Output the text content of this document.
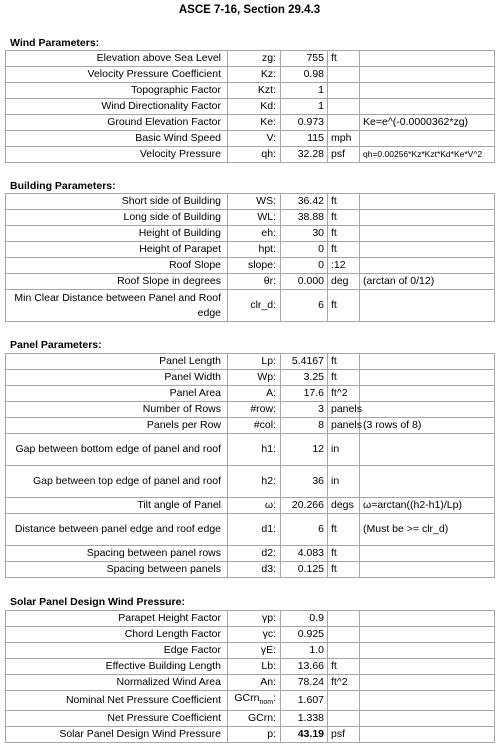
ASCE 7-16, Section 29.4.3
Wind Parameters:
Elevation above Sea Level	zg:	755	ft	
Velocity Pressure Coefficient	Kz:	0.98		
Topographic Factor	Kzt:	1		
Wind Directionality Factor	Kd:	1		
Ground Elevation Factor	Ke:	0.973		Ke=e^(-0.0000362*zg)
Basic Wind Speed	V:	115	mph	
Velocity Pressure	qh:	32.28	psf	qh=0.00256*Kz*Kzt*Kd*Ke*V^2
Building Parameters:
Short side of Building	WS:	36.42	ft	
Long side of Building	WL:	38.88	ft	
Height of Building	eh:	30	ft	
Height of Parapet	hpt:	0	ft	
Roof Slope	slope:	0	:12	
Roof Slope in degrees	θr:	0.000	deg	(arctan of 0/12)
Min Clear Distance between Panel and Roof edge	clr_d:	6	ft	
Panel Parameters:
Panel Length	Lp:	5.4167	ft	
Panel Width	Wp:	3.25	ft	
Panel Area	A:	17.6	ft^2	
Number of Rows	#row:	3	panels	
Panels per Row	#col:	8	panels	(3 rows of 8)
Gap between bottom edge of panel and roof	h1:	12	in	
Gap between top edge of panel and roof	h2:	36	in	
Tilt angle of Panel	ω:	20.266	degs	ω=arctan((h2-h1)/Lp)
Distance between panel edge and roof edge	d1:	6	ft	(Must be >= clr_d)
Spacing between panel rows	d2:	4.083	ft	
Spacing between panels	d3:	0.125	ft	
Solar Panel Design Wind Pressure:
Parapet Height Factor	γp:	0.9		
Chord Length Factor	γc:	0.925		
Edge Factor	γE:	1.0		
Effective Building Length	Lb:	13.66	ft	
Normalized Wind Area	An:	78.24	ft^2	
Nominal Net Pressure Coefficient	GCrn$_{nom}$:	1.607		
Net Pressure Coefficient	GCrn:	1.338		
Solar Panel Design Wind Pressure	p:	43.19	psf	
